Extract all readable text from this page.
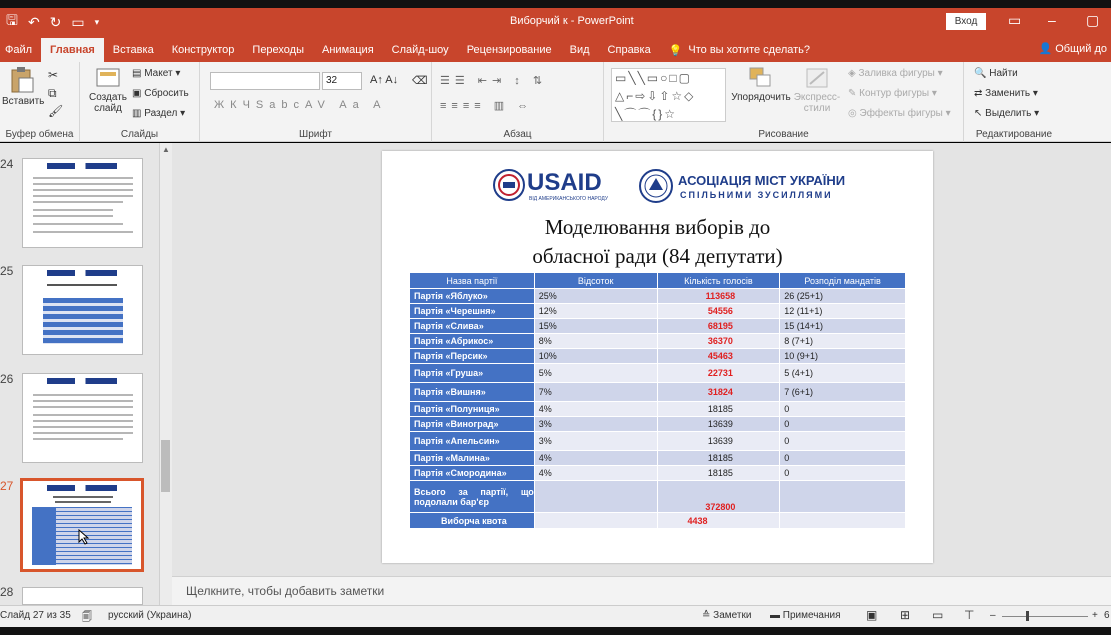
🖫 ↶ ↻ ▭ ▾	Виборчий к - PowerPoint	Вход	▭ – ▢
Файл	Главная	Вставка	Конструктор	Переходы	Анимация	Слайд-шоу	Рецензирование	Вид	Справка	💡 Что вы хотите сделать?	👤 Общий до
Вставить
✂
⧉
🖌
Буфер обмена
Создать слайд
▤ Макет ▾
▣ Сбросить
▥ Раздел ▾
Слайды
32	A↑ A↓ ⌫
ЖКЧSabcAV Aa A
Шрифт
☰☰ ⇤⇥ ↕ ⇅
≡≡≡≡ ▥ ⇔
Абзац
▭╲╲▭○□▢
△⌐⇨⇩⇧☆◇
╲⌒⌒{}☆
Упорядочить Экспресс-стили
◈ Заливка фигуры ▾
✎ Контур фигуры ▾
◎ Эффекты фигуры ▾
Рисование
🔍 Найти
⇄ Заменить ▾
↖ Выделить ▾
Редактирование
24
25
26
27
28
▲
USAID
ВІД АМЕРИКАНСЬКОГО НАРОДУ
АСОЦІАЦІЯ МІСТ УКРАЇНИ
СПІЛЬНИМИ ЗУСИЛЛЯМИ
Моделювання виборів до
обласної ради (84 депутати)
Назва партії	Відсоток	Кількість голосів	Розподіл мандатів
Партія «Яблуко»	25%	113658	26 (25+1)
Партія «Черешня»	12%	54556	12 (11+1)
Партія «Слива»	15%	68195	15 (14+1)
Партія «Абрикос»	8%	36370	8 (7+1)
Партія «Персик»	10%	45463	10 (9+1)
Партія «Груша»	5%	22731	5 (4+1)
Партія «Вишня»	7%	31824	7 (6+1)
Партія «Полуниця»	4%	18185	0
Партія «Виноград»	3%	13639	0
Партія «Апельсин»	3%	13639	0
Партія «Малина»	4%	18185	0
Партія «Смородина»	4%	18185	0
Всього за партії, що подолали бар'єр		372800	
Виборча квота		4438	
Щелкните, чтобы добавить заметки
Слайд 27 из 35 🗐 русский (Украина)	≙ Заметки ▬ Примечания ▣ ⊞ ▭ ⊤ –	+ 6
